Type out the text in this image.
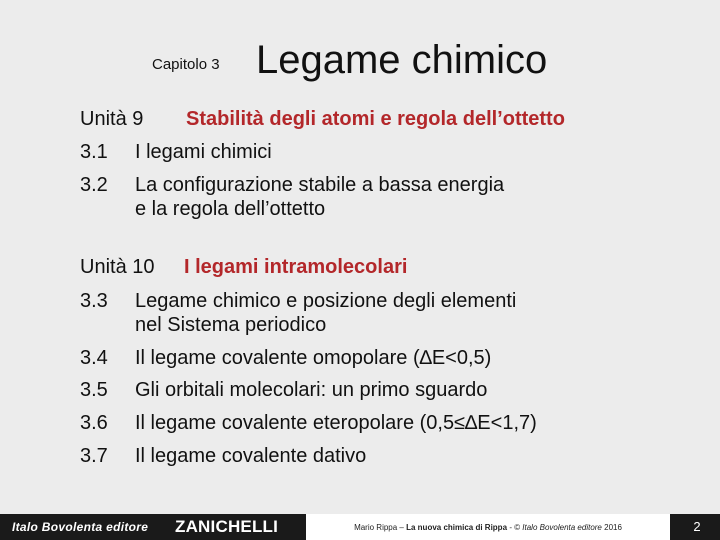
Capitolo 3 Legame chimico
Unità 9 Stabilità degli atomi e regola dell’ottetto
3.1 I legami chimici
3.2 La configurazione stabile a bassa energia
e la regola dell’ottetto
Unità 10 I legami intramolecolari
3.3 Legame chimico e posizione degli elementi
nel Sistema periodico
3.4 Il legame covalente omopolare (∆E<0,5)
3.5 Gli orbitali molecolari: un primo sguardo
3.6 Il legame covalente eteropolare (0,5≤∆E<1,7)
3.7 Il legame covalente dativo
Italo Bovolenta editore ZANICHELLI	Mario Rippa –
La nuova chimica di Rippa
- © Italo Bovolenta editore
2016	2
